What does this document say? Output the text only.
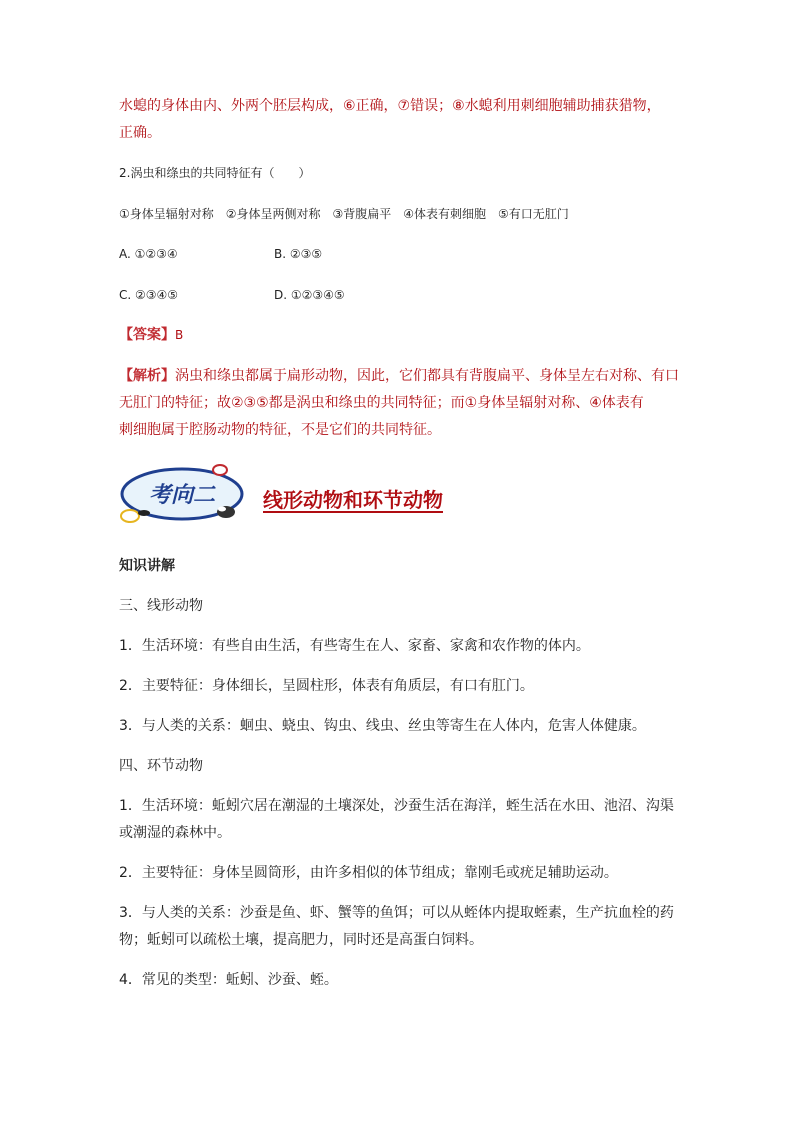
水螅的身体由内、外两个胚层构成，⑥正确，⑦错误；⑧水螅利用刺细胞辅助捕获猎物，
正确。
2.涡虫和绦虫的共同特征有（　　）
①身体呈辐射对称　②身体呈两侧对称　③背腹扁平　④体表有刺细胞　⑤有口无肛门
A. ①②③④	B. ②③⑤
C. ②③④⑤	D. ①②③④⑤
【答案】B
【解析】涡虫和绦虫都属于扁形动物，因此，它们都具有背腹扁平、身体呈左右对称、有口
无肛门的特征；故②③⑤都是涡虫和绦虫的共同特征；而①身体呈辐射对称、④体表有
刺细胞属于腔肠动物的特征，不是它们的共同特征。
考向二 线形动物和环节动物
知识讲解
三、线形动物
1．生活环境：有些自由生活，有些寄生在人、家畜、家禽和农作物的体内。
2．主要特征：身体细长，呈圆柱形，体表有角质层，有口有肛门。
3．与人类的关系：蛔虫、蛲虫、钩虫、线虫、丝虫等寄生在人体内，危害人体健康。
四、环节动物
1．生活环境：蚯蚓穴居在潮湿的土壤深处，沙蚕生活在海洋，蛭生活在水田、池沼、沟渠
或潮湿的森林中。
2．主要特征：身体呈圆筒形，由许多相似的体节组成；靠刚毛或疣足辅助运动。
3．与人类的关系：沙蚕是鱼、虾、蟹等的鱼饵；可以从蛭体内提取蛭素，生产抗血栓的药
物；蚯蚓可以疏松土壤，提高肥力，同时还是高蛋白饲料。
4．常见的类型：蚯蚓、沙蚕、蛭。
